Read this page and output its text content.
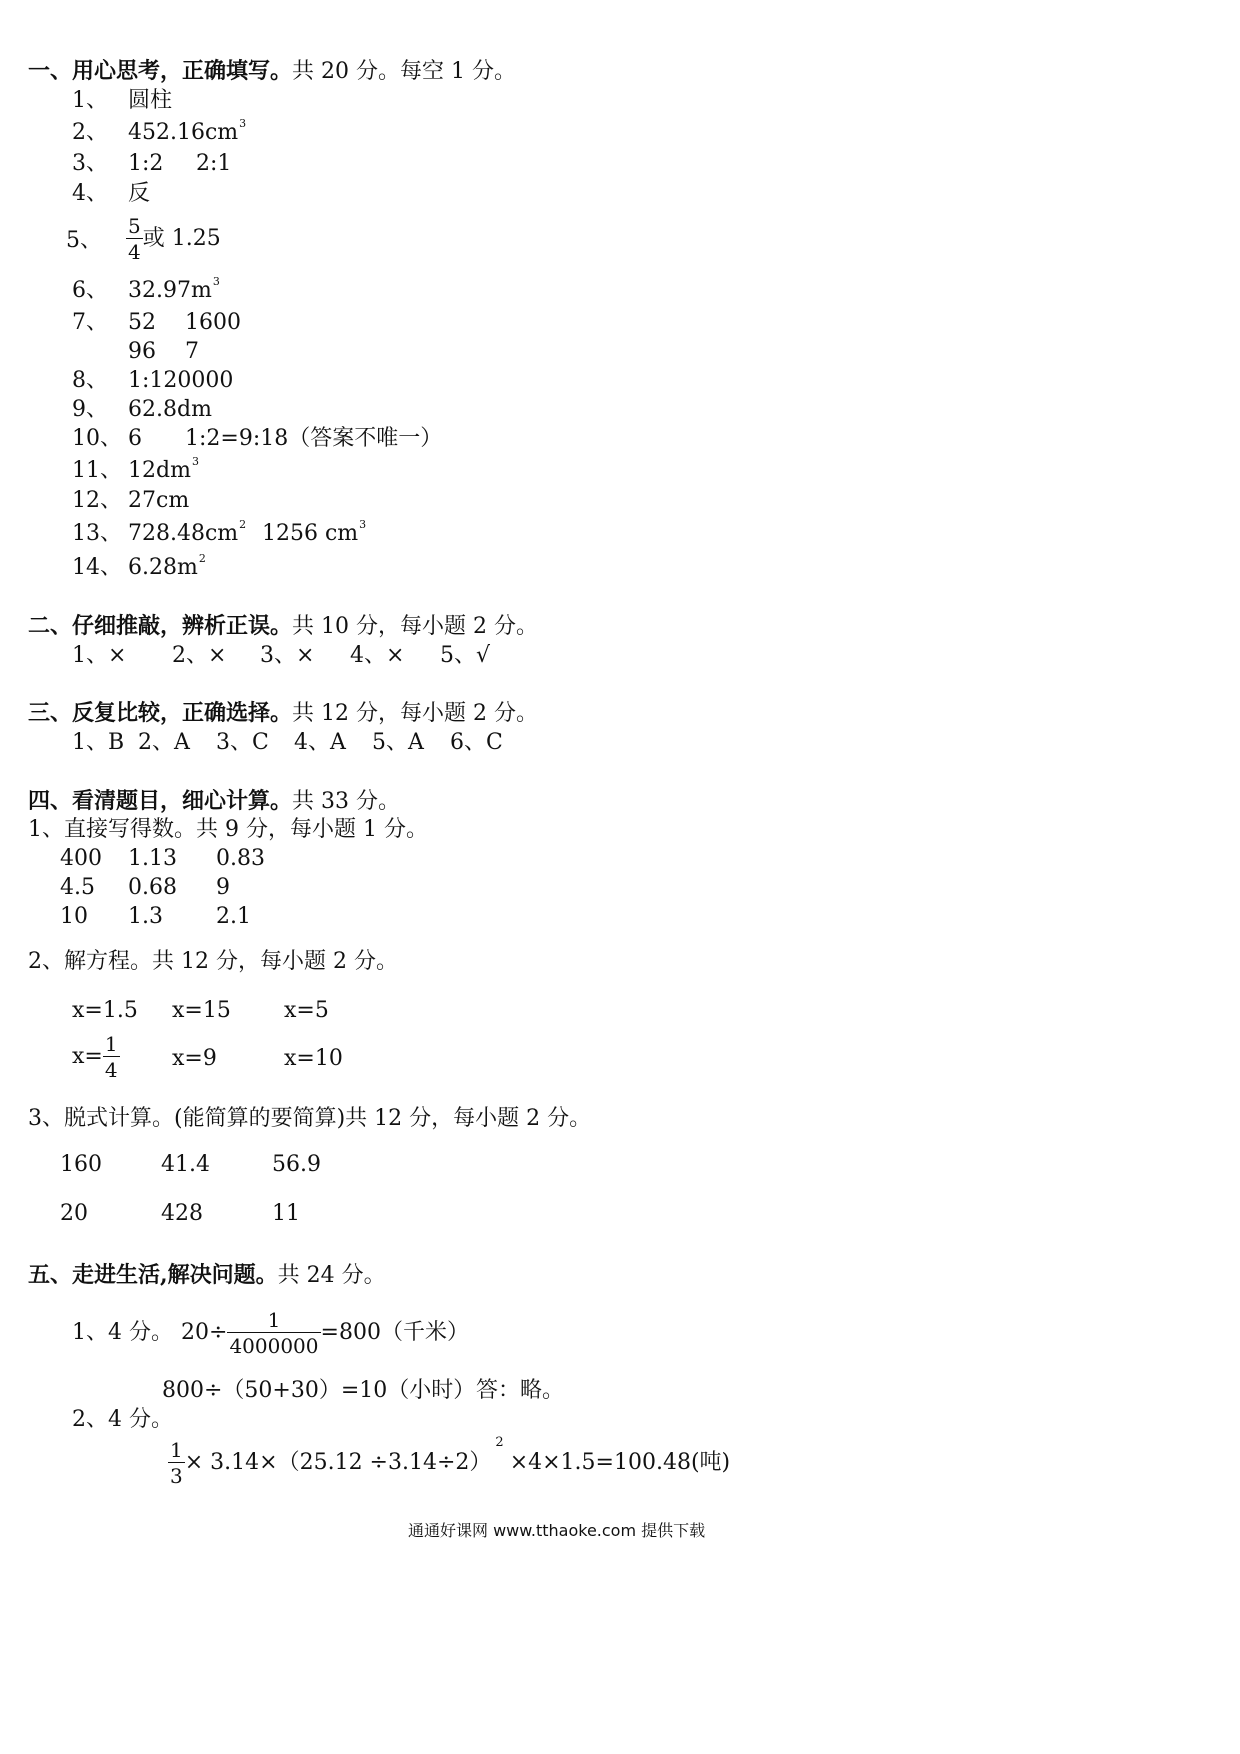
一、用心思考，正确填写。共 20 分。每空 1 分。
1、 圆柱
2、 $452.16cm^3$
3、 1:2 2:1
4、 反
5、 $\frac{5}{4}$ 或 1.25
6、 $32.97m^3$
7、 52 1600
96 7
8、 1:120000
9、 62.8dm
10、 6 1:2=9:18（答案不唯一）
11、 $12dm^3$
12、 27cm
13、 $728.48cm^2$ 1256 $cm^3$
14、 $6.28m^2$
二、仔细推敲，辨析正误。共 10 分，每小题 2 分。
1、× 2、× 3、× 4、× 5、√
三、反复比较，正确选择。共 12 分，每小题 2 分。
1、B 2、A 3、C 4、A 5、A 6、C
四、看清题目，细心计算。共 33 分。
1、直接写得数。共 9 分，每小题 1 分。
400 1.13 0.83
4.5 0.68 9
10 1.3 2.1
2、解方程。共 12 分，每小题 2 分。
x=1.5 x=15 x=5
$x= \frac{1}{4} x=9$	x=10
3、脱式计算。(能简算的要简算)共 12 分，每小题 2 分。
160	41.4	56.9
20	428	11
五、走进生活,解决问题。共 24 分。
1、4 分。 $20\div \frac{1}{4000000} =800$（千米）
800÷（50+30）=10（小时） 答：略。
2、4 分。
$\frac{1}{3} \times 3.14\times(25.12 \div 3.14\div 2)^2\times 4\times 1.5=100.48$(吨)
通通好课网 www.tthaoke.com 提供下载
